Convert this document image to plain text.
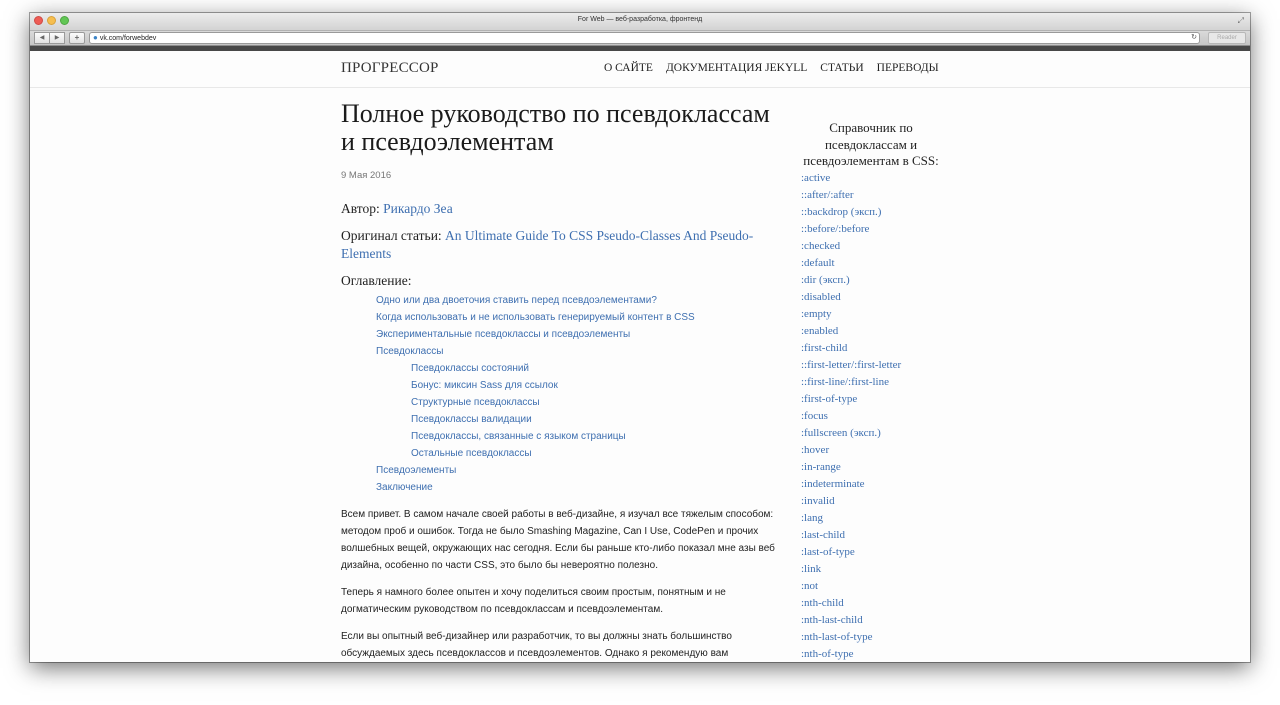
For Web — веб-разработка, фронтенд	⤢
◀	▶	+	● vk.com/forwebdev	↻	Reader
ПРОГРЕССОР	О САЙТЕ ДОКУМЕНТАЦИЯ JEKYLL СТАТЬИ ПЕРЕВОДЫ
Полное руководство по псевдоклассам и псевдоэлементам
9 Мая 2016
Автор: Рикардо Зеа
Оригинал статьи: An Ultimate Guide To CSS Pseudo-Classes And Pseudo-Elements
Оглавление:
Одно или два двоеточия ставить перед псевдоэлементами?
Когда использовать и не использовать генерируемый контент в CSS
Экспериментальные псевдоклассы и псевдоэлементы
Псевдоклассы
Псевдоклассы состояний
Бонус: миксин Sass для ссылок
Структурные псевдоклассы
Псевдоклассы валидации
Псевдоклассы, связанные с языком страницы
Остальные псевдоклассы
Псевдоэлементы
Заключение

Всем привет. В самом начале своей работы в веб-дизайне, я изучал все тяжелым способом: методом проб и ошибок. Тогда не было Smashing Magazine, Can I Use, CodePen и прочих волшебных вещей, окружающих нас сегодня. Если бы раньше кто-либо показал мне азы веб дизайна, особенно по части CSS, это было бы невероятно полезно.

Теперь я намного более опытен и хочу поделиться своим простым, понятным и не догматическим руководством по псевдоклассам и псевдоэлементам.

Если вы опытный веб-дизайнер или разработчик, то вы должны знать большинство обсуждаемых здесь псевдоклассов и псевдоэлементов. Однако я рекомендую вам

Справочник по псевдоклассам и псевдоэлементам в CSS:
:active
::after/:after
::backdrop (эксп.)
::before/:before
:checked
:default
:dir (эксп.)
:disabled
:empty
:enabled
:first-child
::first-letter/:first-letter
::first-line/:first-line
:first-of-type
:focus
:fullscreen (эксп.)
:hover
:in-range
:indeterminate
:invalid
:lang
:last-child
:last-of-type
:link
:not
:nth-child
:nth-last-child
:nth-last-of-type
:nth-of-type
